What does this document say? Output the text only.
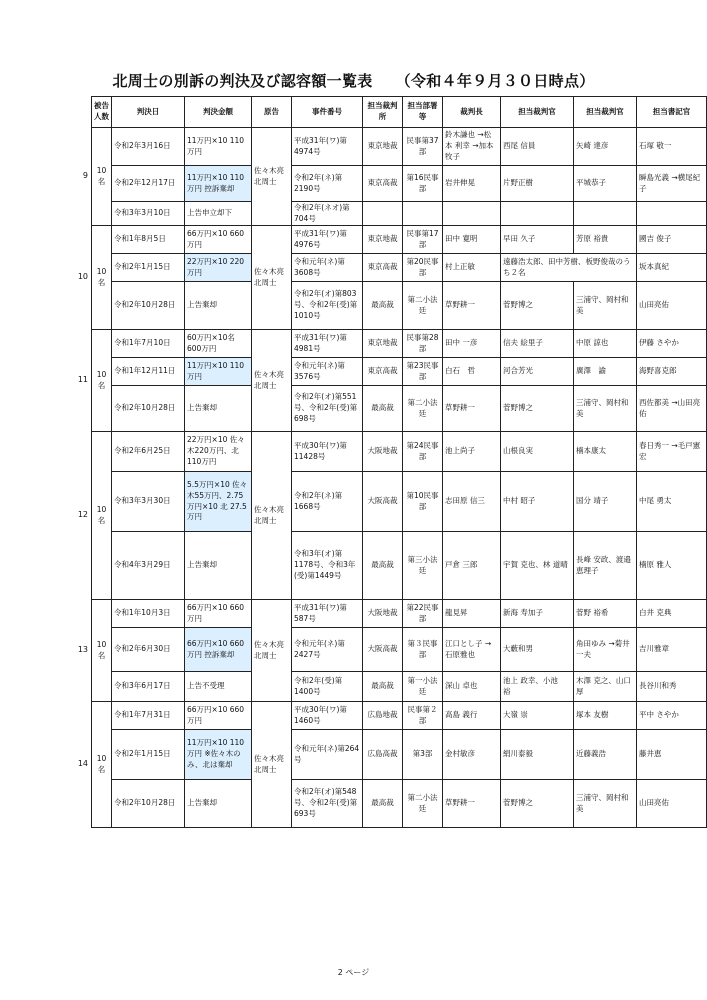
北周士の別訴の判決及び認容額一覧表　　（令和４年９月３０日時点）
被告人数	判決日	判決金額	原告	事件番号	担当裁判所	担当部署等	裁判長	担当裁判官	担当裁判官	担当書記官
10名	令和2年3月16日	11万円×10 110万円	佐々木亮北周士	平成31年(ワ)第4974号	東京地裁	民事第37部	鈴木謙也 →松本 利幸 →加本牧子	西尾 信員	矢崎 達彦	石塚 敬一
	令和2年12月17日	11万円×10 110万円 控訴棄却		令和2年(ネ)第2190号	東京高裁	第16民事部	岩井伸晃	片野正樹	平城恭子	瞬島光義 →横尾紀子
	令和3年3月10日	上告申立却下		令和2年(ネオ)第704号						
10名	令和1年8月5日	66万円×10 660万円	佐々木亮北周士	平成31年(ワ)第4976号	東京地裁	民事第17部	田中 寛明	早田 久子	芳原 裕貴	國吉 俊子
	令和2年1月15日	22万円×10 220万円		令和元年(ネ)第3608号	東京高裁	第20民事部	村上正敏	遠藤浩太郎、田中芳樹、板野俊哉のうち２名		坂本真紀
	令和2年10月28日	上告棄却		令和2年(オ)第803号、令和2年(受)第1010号	最高裁	第二小法廷	草野耕一	菅野博之	三浦守、岡村和美	山田亮佑
10名	令和1年7月10日	60万円×10名 600万円	佐々木亮北周士	平成31年(ワ)第4981号	東京地裁	民事第28部	田中 一彦	信夫 絵里子	中原 諒也	伊藤 さやか
	令和1年12月11日	11万円×10 110万円		令和元年(ネ)第3576号	東京高裁	第23民事部	白石　哲	河合芳光	廣澤　諭	海野喜克郎
	令和2年10月28日	上告棄却		令和2年(オ)第551号、令和2年(受)第698号	最高裁	第二小法廷	草野耕一	菅野博之	三浦守、岡村和美	西佐都美 →山田亮佑
10名	令和2年6月25日	22万円×10 佐々木220万円、北110万円	佐々木亮北周士	平成30年(ワ)第11428号	大阪地裁	第24民事部	池上尚子	山根良実	楠本康太	春日秀一 →毛戸憲宏
	令和3年3月30日	5.5万円×10 佐々木55万円、2.75万円×10 北 27.5万円		令和2年(ネ)第1668号	大阪高裁	第10民事部	志田原 信三	中村 昭子	国分 靖子	中尾 勇太
	令和4年3月29日	上告棄却		令和3年(オ)第1178号、令和3年(受)第1449号	最高裁	第三小法廷	戸倉 三郎	宇賀 克也、林 道晴	長峰 安政、渡邉 恵理子	楠原 雅人
10名	令和1年10月3日	66万円×10 660万円	佐々木亮北周士	平成31年(ワ)第587号	大阪地裁	第22民事部	龍見昇	新海 寿加子	菅野 裕希	白井 克典
	令和2年6月30日	66万円×10 660万円 控訴棄却		令和元年(ネ)第2427号	大阪高裁	第３民事部	江口とし子 →石原雅也	大藪和男	角田ゆみ →菊井一夫	吉川雅章
	令和3年6月17日	上告不受理		令和2年(受)第1400号	最高裁	第一小法廷	深山 卓也	池上 政幸、小池　裕	木澤 克之、山口　厚	長谷川和秀
10名	令和1年7月31日	66万円×10 660万円	佐々木亮北周士	平成30年(ワ)第1460号	広島地裁	民事第２部	高島 義行	大嶺 崇	塚本 友樹	平中 さやか
	令和2年1月15日	11万円×10 110万円 ※佐々木のみ、北は棄却		令和元年(ネ)第264号	広島高裁	第3部	金村敏彦	絹川泰毅	近藤義浩	藤井恵
	令和2年10月28日	上告棄却		令和2年(オ)第548号、令和2年(受)第693号	最高裁	第二小法廷	草野耕一	菅野博之	三浦守、岡村和美	山田亮佑
2 ページ
9
10
11
12
13
14
